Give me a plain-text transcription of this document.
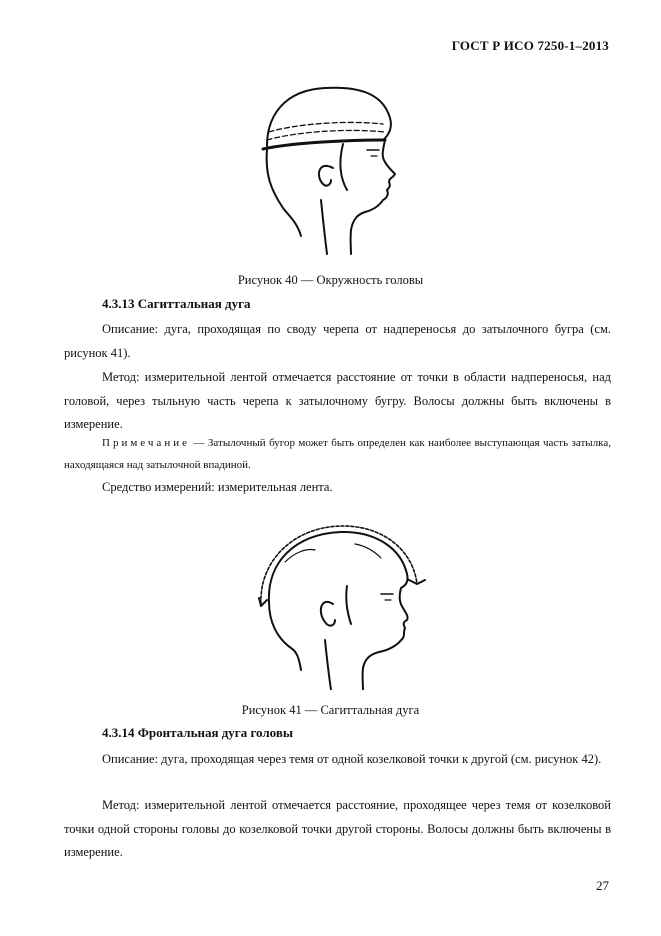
ГОСТ Р ИСО 7250-1–2013
Рисунок 40 — Окружность головы
4.3.13 Сагиттальная дуга
Описание: дуга, проходящая по своду черепа от надпереносья до затылочного бугра (см. рисунок 41).
Метод: измерительной лентой отмечается расстояние от точки в области надпереносья, над головой, через тыльную часть черепа к затылочному бугру. Волосы должны быть включены в измерение.
Примечание — Затылочный бугор может быть определен как наиболее выступающая часть затылка, находящаяся над затылочной впадиной.
Средство измерений: измерительная лента.
Рисунок 41 — Сагиттальная дуга
4.3.14 Фронтальная дуга головы
Описание: дуга, проходящая через темя от одной козелковой точки к другой (см. рисунок 42).
Метод: измерительной лентой отмечается расстояние, проходящее через темя от козелковой точки одной стороны головы до козелковой точки другой стороны. Волосы должны быть включены в измерение.
27
